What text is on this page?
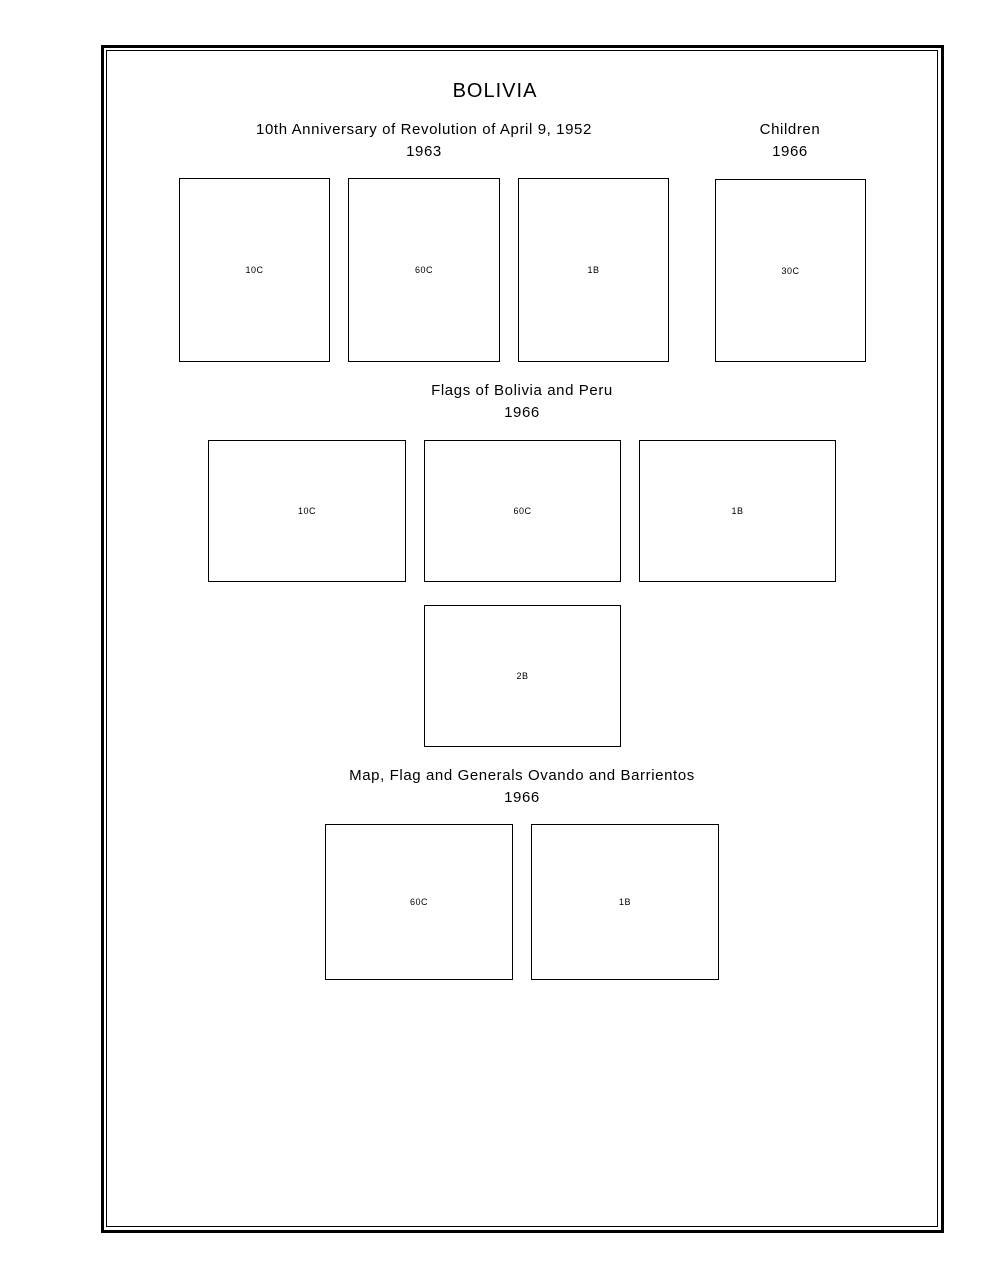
BOLIVIA
10th Anniversary of Revolution of April 9, 1952
1963
10C	60C	1B
Children
1966
30C
Flags of Bolivia and Peru
1966
10C	60C	1B
2B
Map, Flag and Generals Ovando and Barrientos
1966
60C	1B
